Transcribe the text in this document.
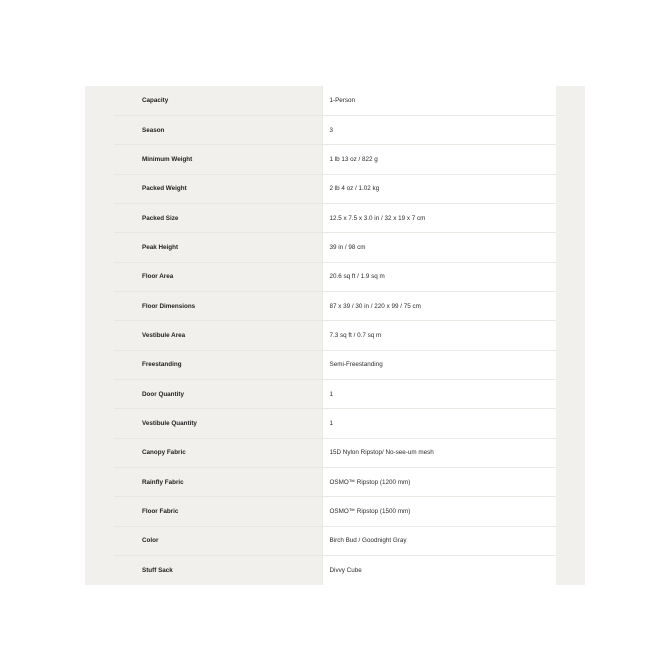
Capacity	1-Person
Season	3
Minimum Weight	1 lb 13 oz / 822 g
Packed Weight	2 lb 4 oz / 1.02 kg
Packed Size	12.5 x 7.5 x 3.0 in / 32 x 19 x 7 cm
Peak Height	39 in / 98 cm
Floor Area	20.6 sq ft / 1.9 sq m
Floor Dimensions	87 x 39 / 30 in / 220 x 99 / 75 cm
Vestibule Area	7.3 sq ft / 0.7 sq m
Freestanding	Semi-Freestanding
Door Quantity	1
Vestibule Quantity	1
Canopy Fabric	15D Nylon Ripstop/ No-see-um mesh
Rainfly Fabric	OSMO™ Ripstop (1200 mm)
Floor Fabric	OSMO™ Ripstop (1500 mm)
Color	Birch Bud / Goodnight Gray
Stuff Sack	Divvy Cube
